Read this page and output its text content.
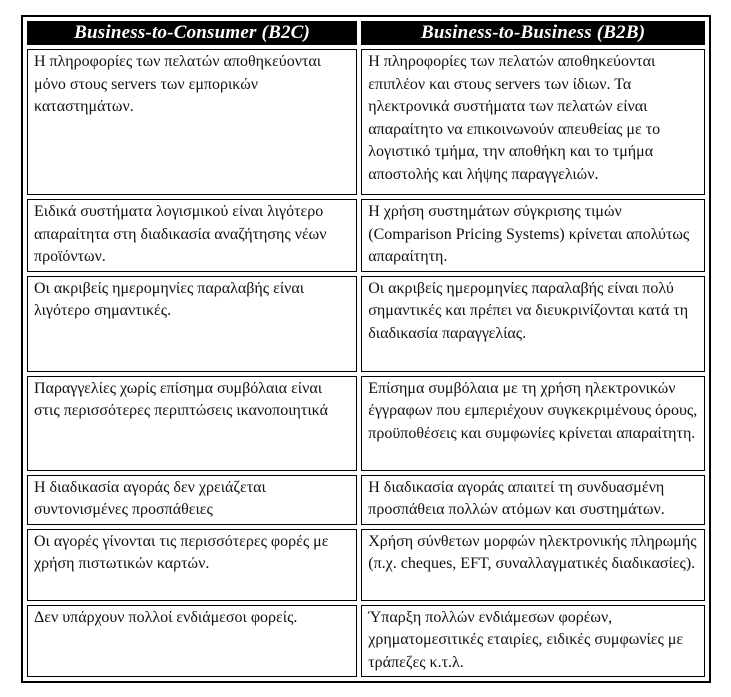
Business-to-Consumer (B2C)	Business-to-Business (B2B)
Η πληροφορίες των πελατών αποθηκεύονται μόνο στους servers των εμπορικών καταστημάτων.	Η πληροφορίες των πελατών αποθηκεύονται επιπλέον και στους servers των ίδιων. Τα ηλεκτρονικά συστήματα των πελατών είναι απαραίτητο να επικοινωνούν απευθείας με το λογιστικό τμήμα, την αποθήκη και το τμήμα αποστολής και λήψης παραγγελιών.
Ειδικά συστήματα λογισμικού είναι λιγότερο απαραίτητα στη διαδικασία αναζήτησης νέων προϊόντων.	Η χρήση συστημάτων σύγκρισης τιμών (Comparison Pricing Systems) κρίνεται απολύτως απαραίτητη.
Οι ακριβείς ημερομηνίες παραλαβής είναι λιγότερο σημαντικές.	Οι ακριβείς ημερομηνίες παραλαβής είναι πολύ σημαντικές και πρέπει να διευκρινίζονται κατά τη διαδικασία παραγγελίας.
Παραγγελίες χωρίς επίσημα συμβόλαια είναι στις περισσότερες περιπτώσεις ικανοποιητικά	Επίσημα συμβόλαια με τη χρήση ηλεκτρονικών έγγραφων που εμπεριέχουν συγκεκριμένους όρους, προϋποθέσεις και συμφωνίες κρίνεται απαραίτητη.
Η διαδικασία αγοράς δεν χρειάζεται συντονισμένες προσπάθειες	Η διαδικασία αγοράς απαιτεί τη συνδυασμένη προσπάθεια πολλών ατόμων και συστημάτων.
Οι αγορές γίνονται τις περισσότερες φορές με χρήση πιστωτικών καρτών.	Χρήση σύνθετων μορφών ηλεκτρονικής πληρωμής (π.χ. cheques, EFT, συναλλαγματικές διαδικασίες).
Δεν υπάρχουν πολλοί ενδιάμεσοι φορείς.	Ύπαρξη πολλών ενδιάμεσων φορέων, χρηματομεσιτικές εταιρίες, ειδικές συμφωνίες με τράπεζες κ.τ.λ.
